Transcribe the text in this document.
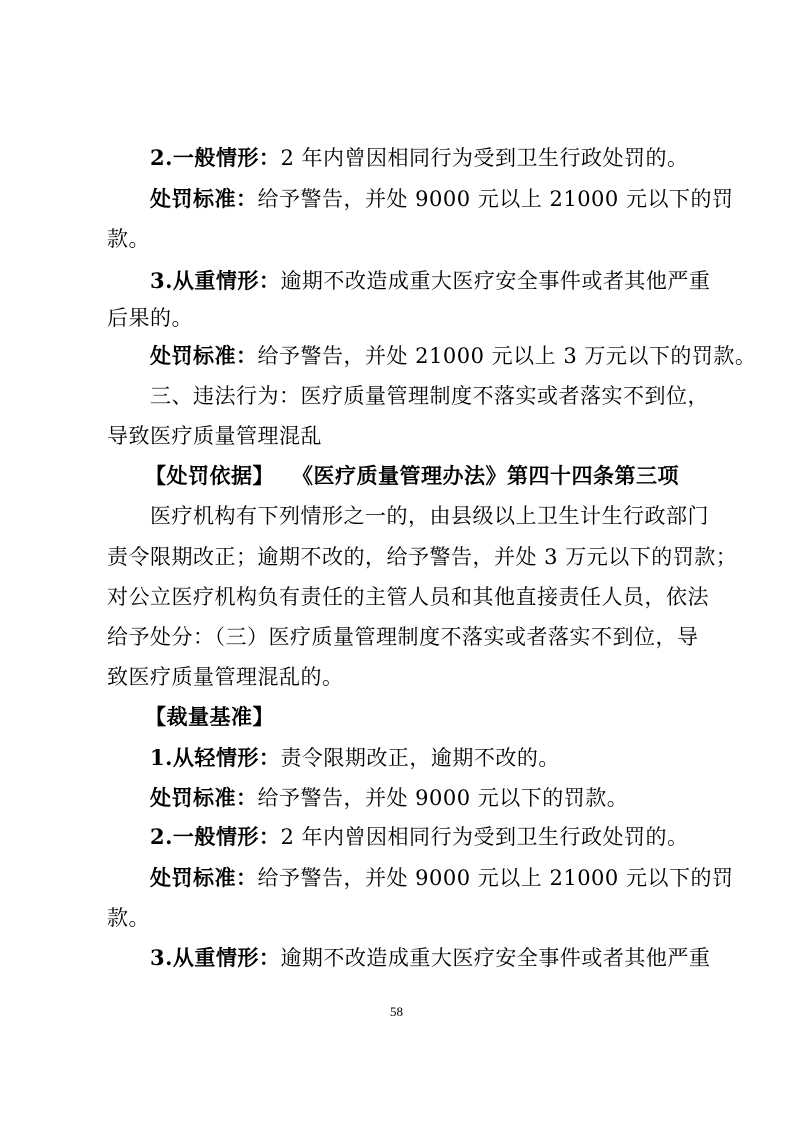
2.一般情形：2 年内曾因相同行为受到卫生行政处罚的。
处罚标准：给予警告，并处 9000 元以上 21000 元以下的罚
款。
3.从重情形：逾期不改造成重大医疗安全事件或者其他严重
后果的。
处罚标准：给予警告，并处 21000 元以上 3 万元以下的罚款。
三、违法行为：医疗质量管理制度不落实或者落实不到位，
导致医疗质量管理混乱
【处罚依据】 《医疗质量管理办法》第四十四条第三项
医疗机构有下列情形之一的，由县级以上卫生计生行政部门
责令限期改正；逾期不改的，给予警告，并处 3 万元以下的罚款；
对公立医疗机构负有责任的主管人员和其他直接责任人员，依法
给予处分：（三）医疗质量管理制度不落实或者落实不到位，导
致医疗质量管理混乱的。
【裁量基准】
1.从轻情形：责令限期改正，逾期不改的。
处罚标准：给予警告，并处 9000 元以下的罚款。
2.一般情形：2 年内曾因相同行为受到卫生行政处罚的。
处罚标准：给予警告，并处 9000 元以上 21000 元以下的罚
款。
3.从重情形：逾期不改造成重大医疗安全事件或者其他严重
58
